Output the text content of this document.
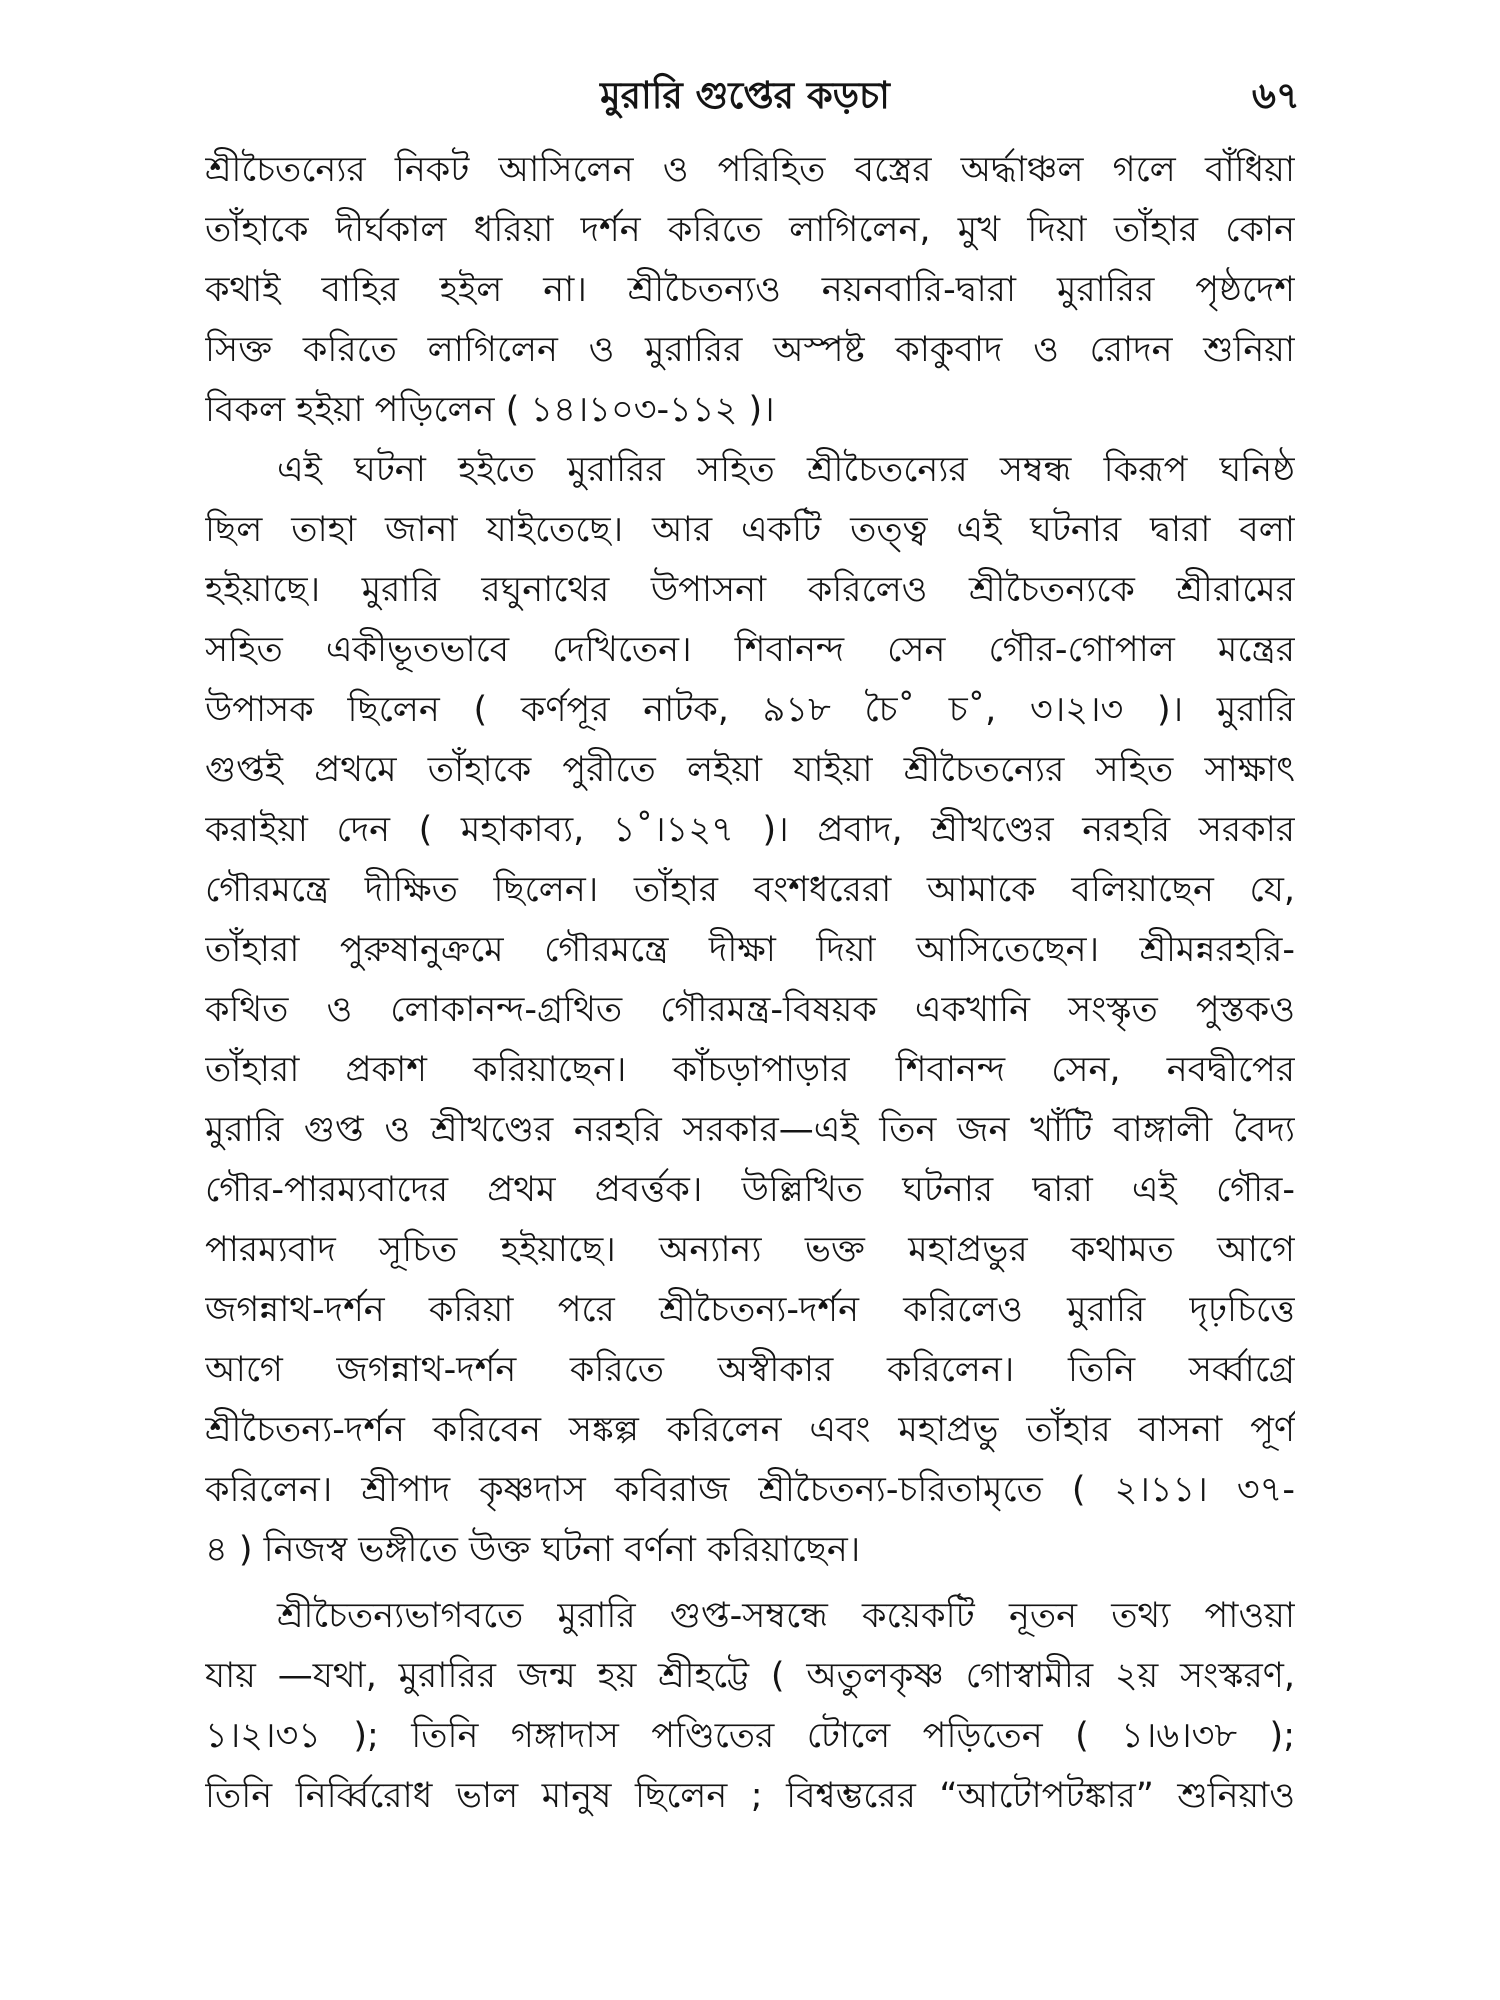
মুরারি গুপ্তের কড়চা	৬৭
শ্রীচৈতন্যের নিকট আসিলেন ও পরিহিত বস্ত্রের অর্দ্ধাঞ্চল গলে বাঁধিয়া
তাঁহাকে দীর্ঘকাল ধরিয়া দর্শন করিতে লাগিলেন, মুখ দিয়া তাঁহার কোন
কথাই বাহির হইল না। শ্রীচৈতন্যও নয়নবারি-দ্বারা মুরারির পৃষ্ঠদেশ
সিক্ত করিতে লাগিলেন ও মুরারির অস্পষ্ট কাকুবাদ ও রোদন শুনিয়া
বিকল হইয়া পড়িলেন ( ১৪।১০৩-১১২ )।
এই ঘটনা হইতে মুরারির সহিত শ্রীচৈতন্যের সম্বন্ধ কিরূপ ঘনিষ্ঠ
ছিল তাহা জানা যাইতেছে। আর একটি তত্ত্ব এই ঘটনার দ্বারা বলা
হইয়াছে। মুরারি রঘুনাথের উপাসনা করিলেও শ্রীচৈতন্যকে শ্রীরামের
সহিত একীভূতভাবে দেখিতেন। শিবানন্দ সেন গৌর-গোপাল মন্ত্রের
উপাসক ছিলেন ( কর্ণপূর নাটক, ৯১৮ চৈ˚ চ˚, ৩।২।৩ )। মুরারি
গুপ্তই প্রথমে তাঁহাকে পুরীতে লইয়া যাইয়া শ্রীচৈতন্যের সহিত সাক্ষাৎ
করাইয়া দেন ( মহাকাব্য, ১˚।১২৭ )। প্রবাদ, শ্রীখণ্ডের নরহরি সরকার
গৌরমন্ত্রে দীক্ষিত ছিলেন। তাঁহার বংশধরেরা আমাকে বলিয়াছেন যে,
তাঁহারা পুরুষানুক্রমে গৌরমন্ত্রে দীক্ষা দিয়া আসিতেছেন। শ্রীমন্নরহরি-
কথিত ও লোকানন্দ-গ্রথিত গৌরমন্ত্র-বিষয়ক একখানি সংস্কৃত পুস্তকও
তাঁহারা প্রকাশ করিয়াছেন। কাঁচড়াপাড়ার শিবানন্দ সেন, নবদ্বীপের
মুরারি গুপ্ত ও শ্রীখণ্ডের নরহরি সরকার—এই তিন জন খাঁটি বাঙ্গালী বৈদ্য
গৌর-পারম্যবাদের প্রথম প্রবর্ত্তক। উল্লিখিত ঘটনার দ্বারা এই গৌর-
পারম্যবাদ সূচিত হইয়াছে। অন্যান্য ভক্ত মহাপ্রভুর কথামত আগে
জগন্নাথ-দর্শন করিয়া পরে শ্রীচৈতন্য-দর্শন করিলেও মুরারি দৃঢ়চিত্তে
আগে জগন্নাথ-দর্শন করিতে অস্বীকার করিলেন। তিনি সর্ব্বাগ্রে
শ্রীচৈতন্য-দর্শন করিবেন সঙ্কল্প করিলেন এবং মহাপ্রভু তাঁহার বাসনা পূর্ণ
করিলেন। শ্রীপাদ কৃষ্ণদাস কবিরাজ শ্রীচৈতন্য-চরিতামৃতে ( ২।১১। ৩৭-
৪ ) নিজস্ব ভঙ্গীতে উক্ত ঘটনা বর্ণনা করিয়াছেন।
শ্রীচৈতন্যভাগবতে মুরারি গুপ্ত-সম্বন্ধে কয়েকটি নূতন তথ্য পাওয়া
যায় —যথা, মুরারির জন্ম হয় শ্রীহট্টে ( অতুলকৃষ্ণ গোস্বামীর ২য় সংস্করণ,
১।২।৩১ ); তিনি গঙ্গাদাস পণ্ডিতের টোলে পড়িতেন ( ১।৬।৩৮ );
তিনি নির্ব্বিরোধ ভাল মানুষ ছিলেন ; বিশ্বম্ভরের “আটোপটঙ্কার” শুনিয়াও
